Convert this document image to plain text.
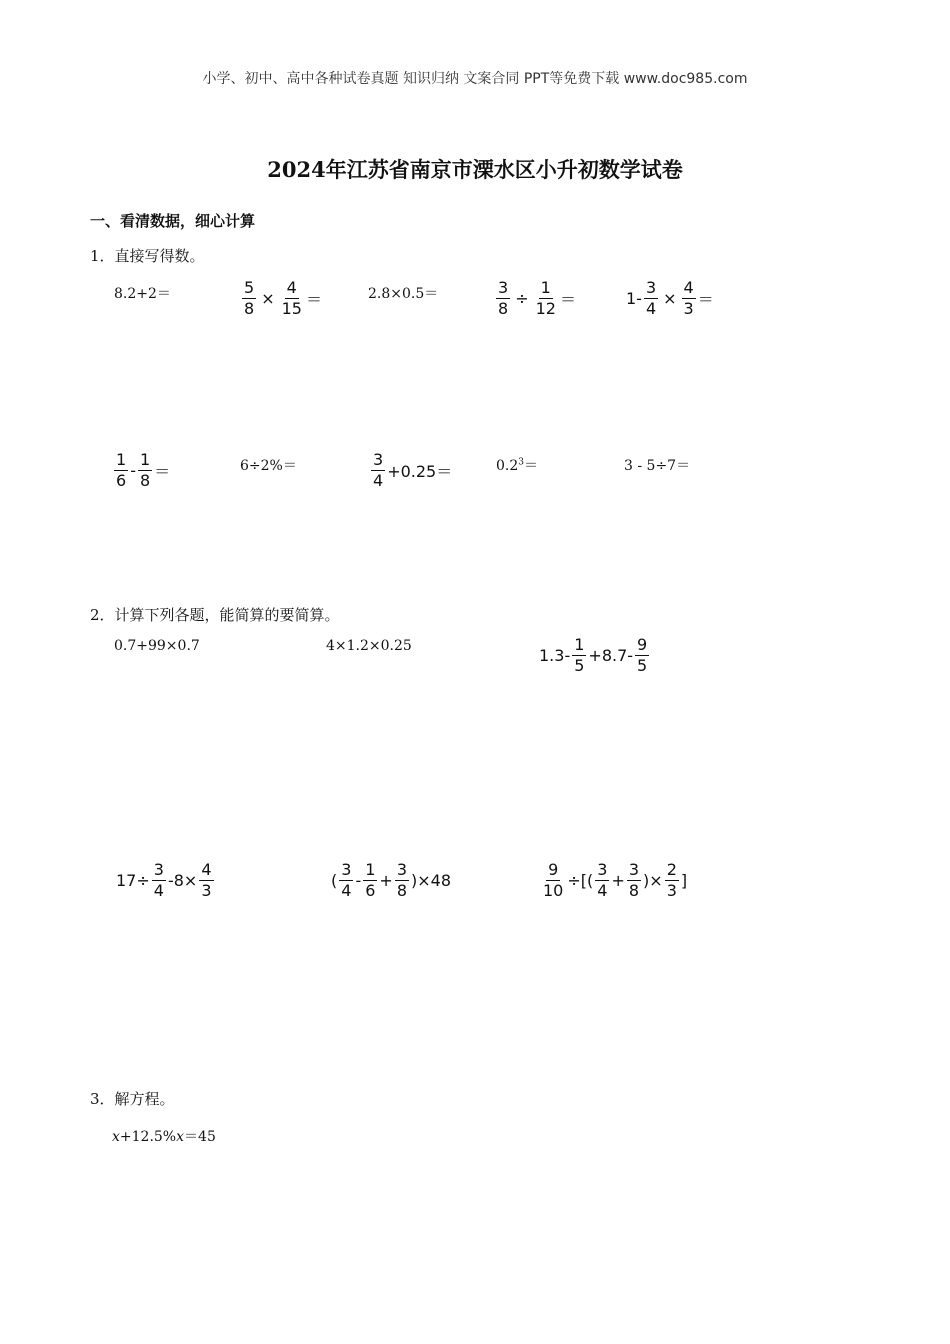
小学、初中、高中各种试卷真题 知识归纳 文案合同 PPT等免费下载 www.doc985.com
2024年江苏省南京市溧水区小升初数学试卷
一、看清数据，细心计算
1．直接写得数。
8.2+2＝	$\frac{5}{8} \times \frac{4}{15}$ ＝	2.8×0.5＝	$\frac{3}{8} \div \frac{1}{12}$ ＝	$1- \frac{3}{4} \times \frac{4}{3}$ ＝
$\frac{1}{6} - \frac{1}{8}$ ＝	6÷2%＝	$\frac{3}{4} +0.25=$	$0.2^3=$	3 - 5÷7＝
2．计算下列各题，能简算的要简算。
0.7+99×0.7	4×1.2×0.25	$1.3- \frac{1}{5} +8.7- \frac{9}{5}$
$17\div \frac{3}{4} -8\times \frac{4}{3}$	( $\frac{3}{4} - \frac{1}{6} + \frac{3}{8} )\times 48$	$\frac{9}{10}$ ÷[( $\frac{3}{4} + \frac{3}{8}$ )× $\frac{2}{3}$ ]
3．解方程。
x+12.5%x＝45
